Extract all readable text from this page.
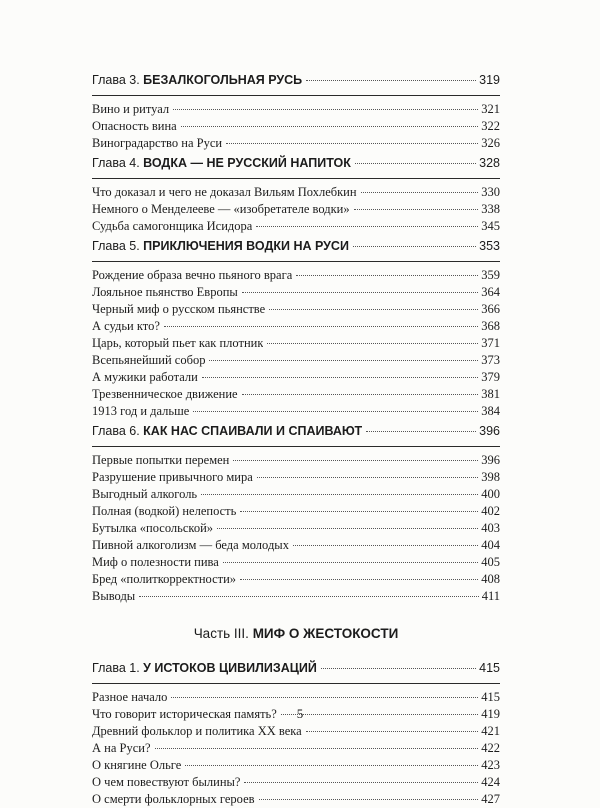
Глава 3. БЕЗАЛКОГОЛЬНАЯ РУСЬ	319
Вино и ритуал	321
Опасность вина	322
Виноградарство на Руси	326
Глава 4. ВОДКА — НЕ РУССКИЙ НАПИТОК	328
Что доказал и чего не доказал Вильям Похлебкин	330
Немного о Менделееве — «изобретателе водки»	338
Судьба самогонщика Исидора	345
Глава 5. ПРИКЛЮЧЕНИЯ ВОДКИ НА РУСИ	353
Рождение образа вечно пьяного врага	359
Лояльное пьянство Европы	364
Черный миф о русском пьянстве	366
А судьи кто?	368
Царь, который пьет как плотник	371
Всепьянейший собор	373
А мужики работали	379
Трезвенническое движение	381
1913 год и дальше	384
Глава 6. КАК НАС СПАИВАЛИ И СПАИВАЮТ	396
Первые попытки перемен	396
Разрушение привычного мира	398
Выгодный алкоголь	400
Полная (водкой) нелепость	402
Бутылка «посольской»	403
Пивной алкоголизм — беда молодых	404
Миф о полезности пива	405
Бред «политкорректности»	408
Выводы	411
Часть III. МИФ О ЖЕСТОКОСТИ
Глава 1. У ИСТОКОВ ЦИВИЛИЗАЦИЙ	415
Разное начало	415
Что говорит историческая память?	419
Древний фольклор и политика XX века	421
А на Руси?	422
О княгине Ольге	423
О чем повествуют былины?	424
О смерти фольклорных героев	427
5
